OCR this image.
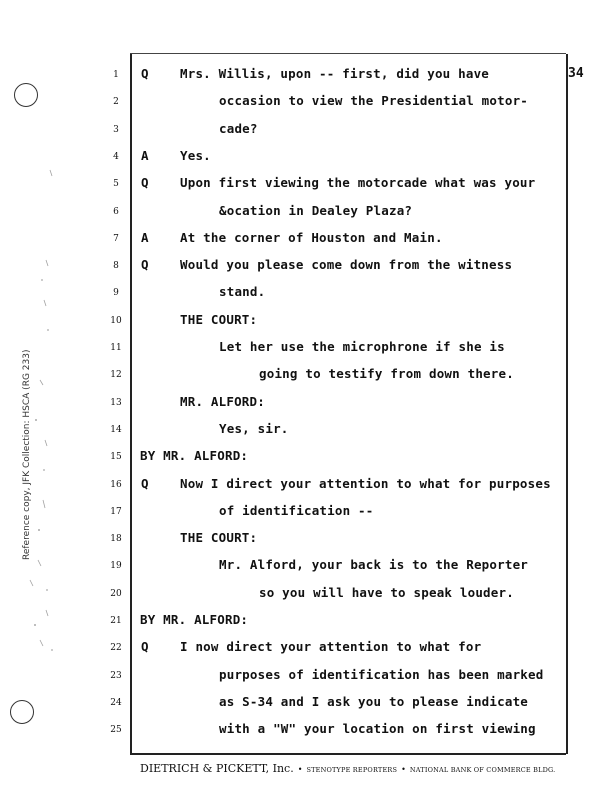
Reference copy, JFK Collection: HSCA (RG 233)
34
1	Q	Mrs. Willis, upon -- first, did you have
2	occasion to view the Presidential motor-
3	cade?
4	A	Yes.
5	Q	Upon first viewing the motorcade what was your
6	&ocation in Dealey Plaza?
7	A	At the corner of Houston and Main.
8	Q	Would you please come down from the witness
9	stand.
10	THE COURT:
11	Let her use the microphrone if she is
12	going to testify from down there.
13	MR. ALFORD:
14	Yes, sir.
15	BY MR. ALFORD:
16	Q	Now I direct your attention to what for purposes
17	of identification --
18	THE COURT:
19	Mr. Alford, your back is to the Reporter
20	so you will have to speak louder.
21	BY MR. ALFORD:
22	Q	I now direct your attention to what for
23	purposes of identification has been marked
24	as S-34 and I ask you to please indicate
25	with a "W" your location on first viewing
DIETRICH & PICKETT, Inc. • STENOTYPE REPORTERS • NATIONAL BANK OF COMMERCE BLDG.
